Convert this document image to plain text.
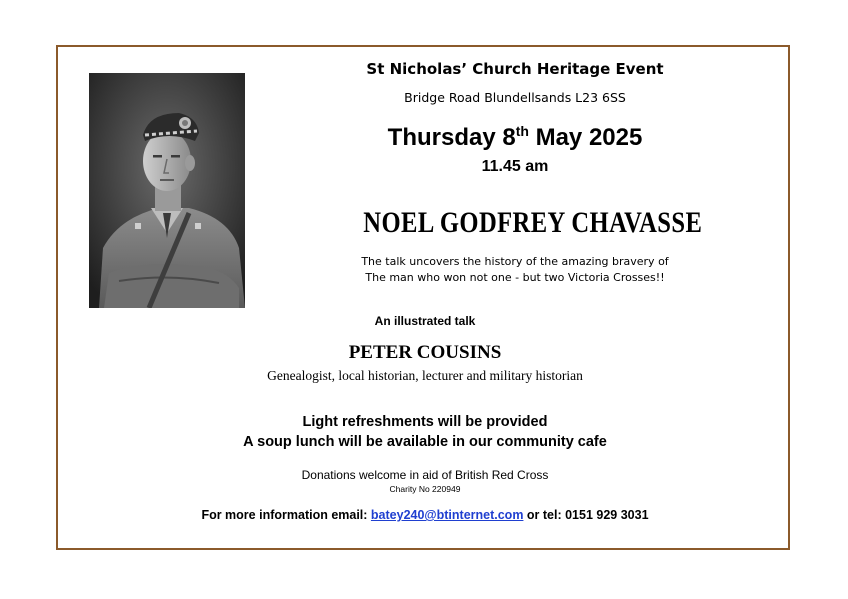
St Nicholas’ Church Heritage Event
Bridge Road Blundellsands L23 6SS
Thursday 8th May 2025
11.45 am
NOEL GODFREY CHAVASSE
The talk uncovers the history of the amazing bravery of
The man who won not one - but two Victoria Crosses!!
An illustrated talk
PETER COUSINS
Genealogist, local historian, lecturer and military historian
Light refreshments will be provided
A soup lunch will be available in our community cafe
Donations welcome in aid of British Red Cross
Charity No 220949
For more information email: batey240@btinternet.com or tel: 0151 929 3031
